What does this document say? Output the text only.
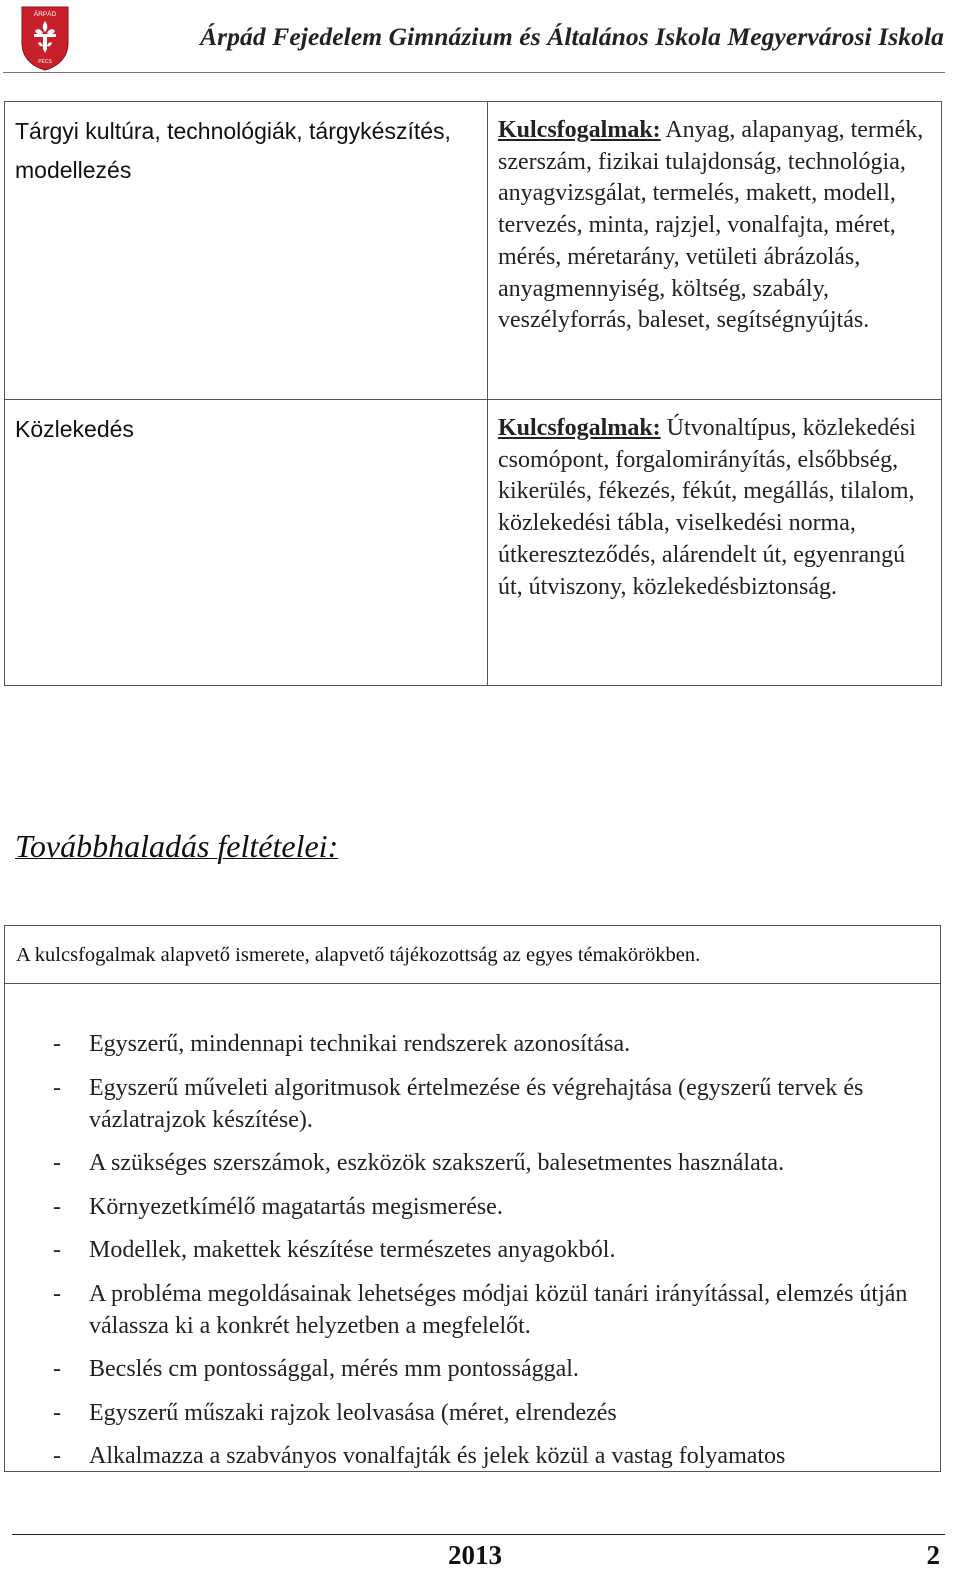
ÁRPÁD
PÉCS
Árpád Fejedelem Gimnázium és Általános Iskola Megyervárosi Iskola
Tárgyi kultúra, technológiák, tárgykészítés, modellezés	Kulcsfogalmak: Anyag, alapanyag, termék, szerszám, fizikai tulajdonság, technológia, anyagvizsgálat, termelés, makett, modell, tervezés, minta, rajzjel, vonalfajta, méret, mérés, méretarány, vetületi ábrázolás, anyagmennyiség, költség, szabály, veszélyforrás, baleset, segítségnyújtás.
Közlekedés	Kulcsfogalmak: Útvonaltípus, közlekedési csomópont, forgalomirányítás, elsőbbség, kikerülés, fékezés, fékút, megállás, tilalom, közlekedési tábla, viselkedési norma, útkereszteződés, alárendelt út, egyenrangú út, útviszony, közlekedésbiztonság.
Továbbhaladás feltételei:
A kulcsfogalmak alapvető ismerete, alapvető tájékozottság az egyes témakörökben.
- Egyszerű, mindennapi technikai rendszerek azonosítása.
- Egyszerű műveleti algoritmusok értelmezése és végrehajtása (egyszerű tervek és vázlatrajzok készítése).
- A szükséges szerszámok, eszközök szakszerű, balesetmentes használata.
- Környezetkímélő magatartás megismerése.
- Modellek, makettek készítése természetes anyagokból.
- A probléma megoldásainak lehetséges módjai közül tanári irányítással, elemzés útján válassza ki a konkrét helyzetben a megfelelőt.
- Becslés cm pontossággal, mérés mm pontossággal.
- Egyszerű műszaki rajzok leolvasása (méret, elrendezés
- Alkalmazza a szabványos vonalfajták és jelek közül a vastag folyamatos
2013	2
